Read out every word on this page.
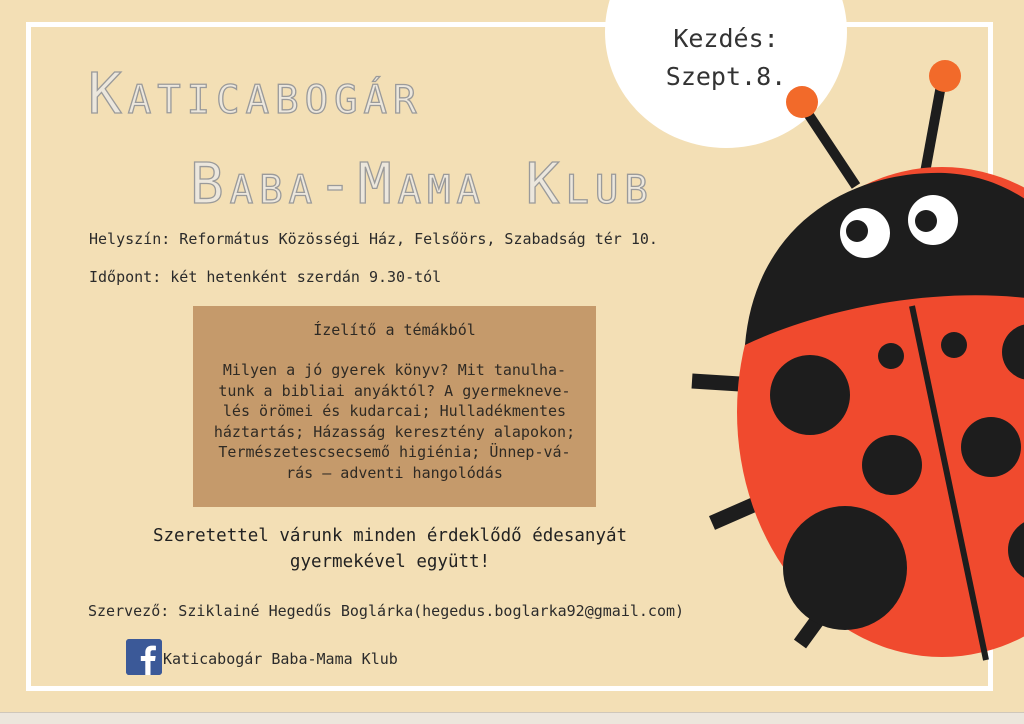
Kezdés:
Szept.8.
Katicabogár
Baba-Mama Klub
Helyszín: Református Közösségi Ház, Felsőörs, Szabadság tér 10.
Időpont: két hetenként szerdán 9.30-tól
Ízelítő a témákból
Milyen a jó gyerek könyv? Mit tanulha-
tunk a bibliai anyáktól? A gyermekneve-
lés örömei és kudarcai; Hulladékmentes
háztartás; Házasság keresztény alapokon;
Természetescsecsemő higiénia; Ünnep-vá-
rás – adventi hangolódás
Szeretettel várunk minden érdeklődő édesanyát
gyermekével együtt!
Szervező: Sziklainé Hegedűs Boglárka(hegedus.boglarka92@gmail.com)
Katicabogár Baba-Mama Klub
